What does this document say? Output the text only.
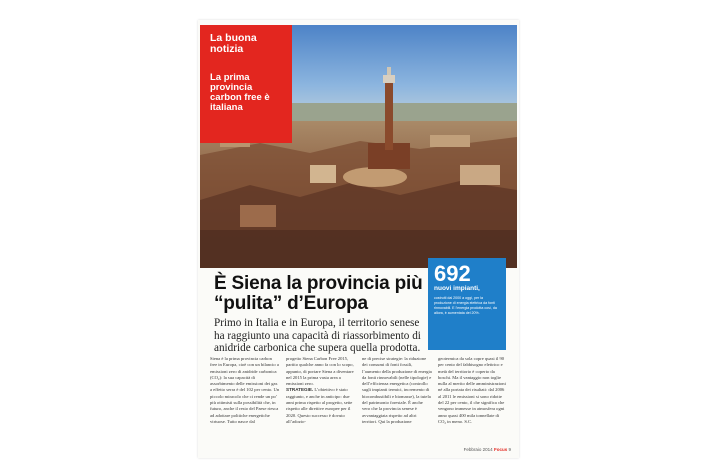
La buona notizia

La prima provincia carbon free è italiana

È Siena la provincia più “pulita” d’Europa

Primo in Italia e in Europa, il territorio senese ha raggiunto una capacità di riassorbimento di anidride carbonica che supera quella prodotta.

692

nuovi impianti,

costruiti dal 2000 a oggi, per la produzione di energia elettrica da fonti rinnovabili. E l’energia prodotta così, da allora, è aumentata del 20%.

Siena è la prima provincia carbon free in Europa, cioè con un bilancio a emissioni zero di anidride carbonica (CO₂): la sua capacità di assorbimento delle emissioni dei gas a effetto serra è del 102 per cento. Un piccolo miracolo che ci rende un po’ più ottimisti sulla possibilità che, in futuro, anche il resto del Paese riesca ad adottare politiche energetiche virtuose. Tutto nasce dal

progetto Siena Carbon Free 2015, partito qualche anno fa con lo scopo, appunto, di portare Siena a diventare nel 2015 la prima vasta area a emissioni zero.

STRATEGIE. L’obiettivo è stato raggiunto, e anche in anticipo: due anni prima rispetto al progetto, sette rispetto alle direttive europee per il 2020. Questo successo è dovuto all’adozio-

ne di precise strategie: la riduzione dei consumi di fonti fossili, l’aumento della produzione di energia da fonti rinnovabili (nelle tipologie) e dell’efficienza energetica (controllo sugli impianti termici, incremento di biocombustibili e biomasse), la tutela del patrimonio forestale. È anche vero che la provincia senese è avvantaggiata rispetto ad altri territori. Qui la produzione

geotermica da sola copre quasi il 90 per cento del fabbisogno elettrico e metà del territorio è coperto da boschi. Ma il vantaggio non toglie nulla al merito delle amministrazioni né alla portata dei risultati: dal 2006 al 2011 le emissioni si sono ridotte del 22 per cento, il che significa che vengono immesse in atmosfera ogni anno quasi 400 mila tonnellate di CO₂ in meno. S.C.

Febbraio 2014 Focus 9
